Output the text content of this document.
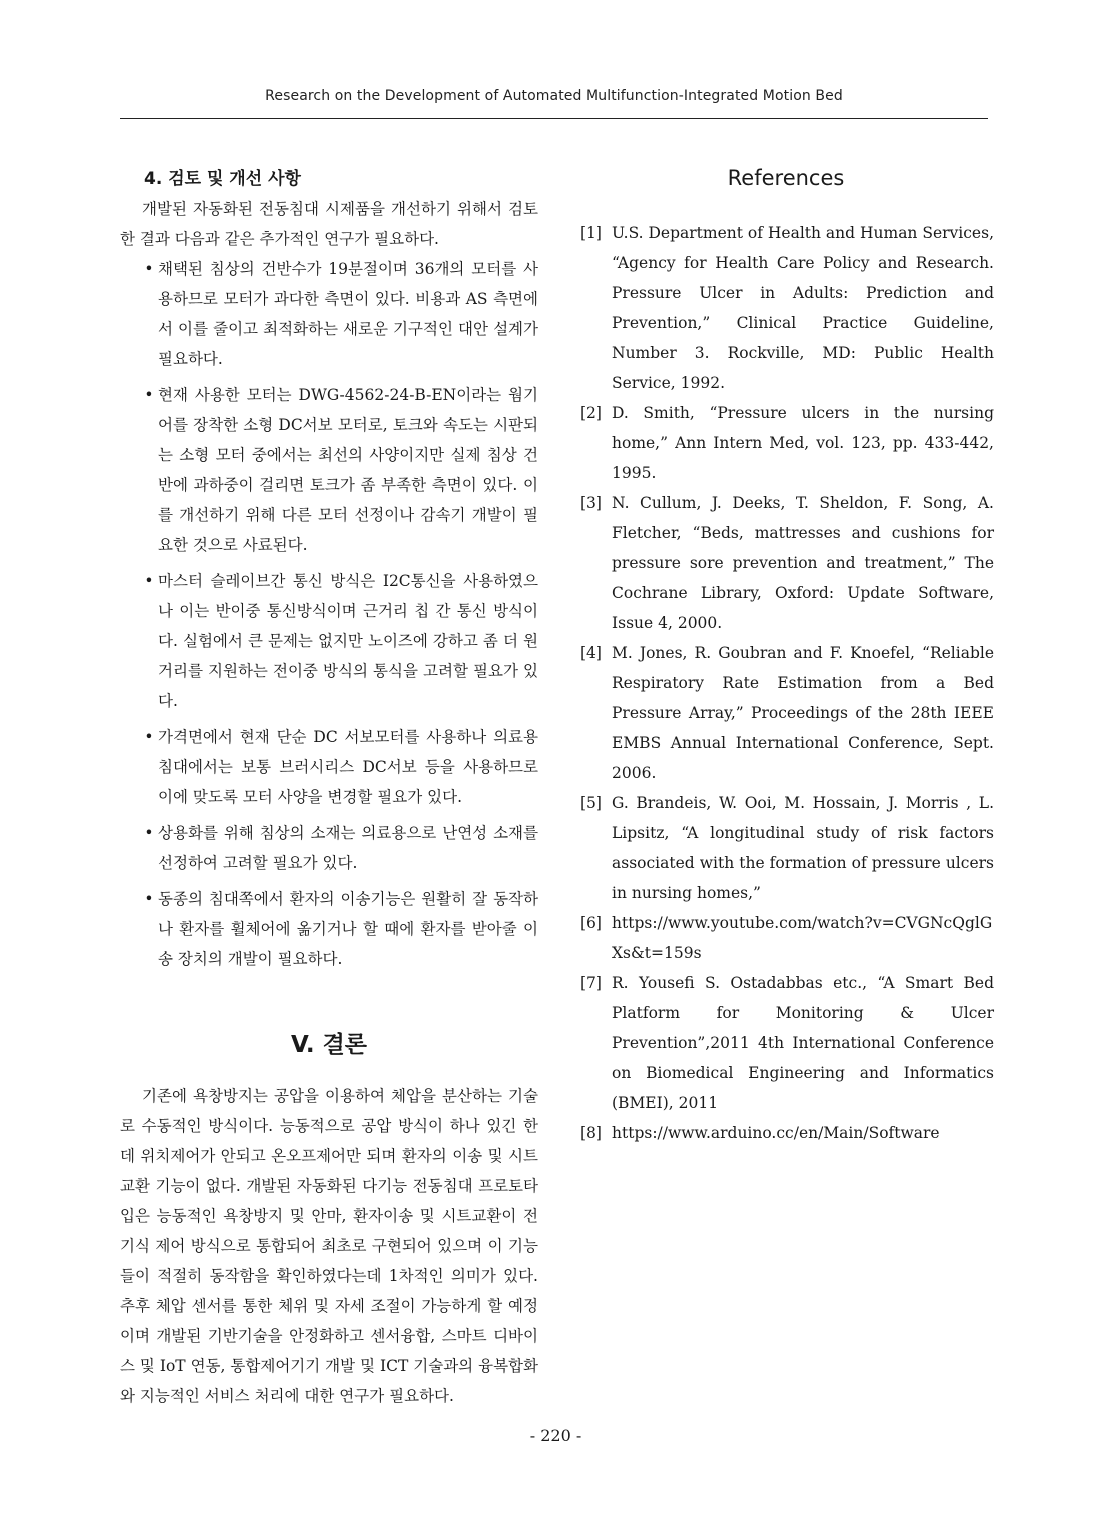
Research on the Development of Automated Multifunction-Integrated Motion Bed
4. 검토 및 개선 사항

개발된 자동화된 전동침대 시제품을 개선하기 위해서 검토한 결과 다음과 같은 추가적인 연구가 필요하다.

• 채택된 침상의 건반수가 19분절이며 36개의 모터를 사용하므로 모터가 과다한 측면이 있다. 비용과 AS 측면에서 이를 줄이고 최적화하는 새로운 기구적인 대안 설계가 필요하다.
• 현재 사용한 모터는 DWG-4562-24-B-EN이라는 웜기어를 장착한 소형 DC서보 모터로, 토크와 속도는 시판되는 소형 모터 중에서는 최선의 사양이지만 실제 침상 건반에 과하중이 걸리면 토크가 좀 부족한 측면이 있다. 이를 개선하기 위해 다른 모터 선정이나 감속기 개발이 필요한 것으로 사료된다.
• 마스터 슬레이브간 통신 방식은 I2C통신을 사용하였으나 이는 반이중 통신방식이며 근거리 칩 간 통신 방식이다. 실험에서 큰 문제는 없지만 노이즈에 강하고 좀 더 원거리를 지원하는 전이중 방식의 통식을 고려할 필요가 있다.
• 가격면에서 현재 단순 DC 서보모터를 사용하나 의료용 침대에서는 보통 브러시리스 DC서보 등을 사용하므로 이에 맞도록 모터 사양을 변경할 필요가 있다.
• 상용화를 위해 침상의 소재는 의료용으로 난연성 소재를 선정하여 고려할 필요가 있다.
• 동종의 침대쪽에서 환자의 이송기능은 원활히 잘 동작하나 환자를 휠체어에 옮기거나 할 때에 환자를 받아줄 이송 장치의 개발이 필요하다.
V. 결론

기존에 욕창방지는 공압을 이용하여 체압을 분산하는 기술로 수동적인 방식이다. 능동적으로 공압 방식이 하나 있긴 한데 위치제어가 안되고 온오프제어만 되며 환자의 이송 및 시트 교환 기능이 없다. 개발된 자동화된 다기능 전동침대 프로토타입은 능동적인 욕창방지 및 안마, 환자이송 및 시트교환이 전기식 제어 방식으로 통합되어 최초로 구현되어 있으며 이 기능들이 적절히 동작함을 확인하였다는데 1차적인 의미가 있다. 추후 체압 센서를 통한 체위 및 자세 조절이 가능하게 할 예정이며 개발된 기반기술을 안정화하고 센서융합, 스마트 디바이스 및 IoT 연동, 통합제어기기 개발 및 ICT 기술과의 융복합화와 지능적인 서비스 처리에 대한 연구가 필요하다.

References
[1] U.S. Department of Health and Human Services, “Agency for Health Care Policy and Research. Pressure Ulcer in Adults: Prediction and Prevention,” Clinical Practice Guideline, Number 3. Rockville, MD: Public Health Service, 1992.
[2] D. Smith, “Pressure ulcers in the nursing home,” Ann Intern Med, vol. 123, pp. 433-442, 1995.
[3] N. Cullum, J. Deeks, T. Sheldon, F. Song, A. Fletcher, “Beds, mattresses and cushions for pressure sore prevention and treatment,” The Cochrane Library, Oxford: Update Software, Issue 4, 2000.
[4] M. Jones, R. Goubran and F. Knoefel, “Reliable Respiratory Rate Estimation from a Bed Pressure Array,” Proceedings of the 28th IEEE EMBS Annual International Conference, Sept. 2006.
[5] G. Brandeis, W. Ooi, M. Hossain, J. Morris , L. Lipsitz, “A longitudinal study of risk factors associated with the formation of pressure ulcers in nursing homes,”
[6] https://www.youtube.com/watch?v=CVGNcQglG Xs&t=159s
[7] R. Yousefi S. Ostadabbas etc., “A Smart Bed Platform for Monitoring & Ulcer Prevention”,2011 4th International Conference on Biomedical Engineering and Informatics (BMEI), 2011
[8] https://www.arduino.cc/en/Main/Software
- 220 -
